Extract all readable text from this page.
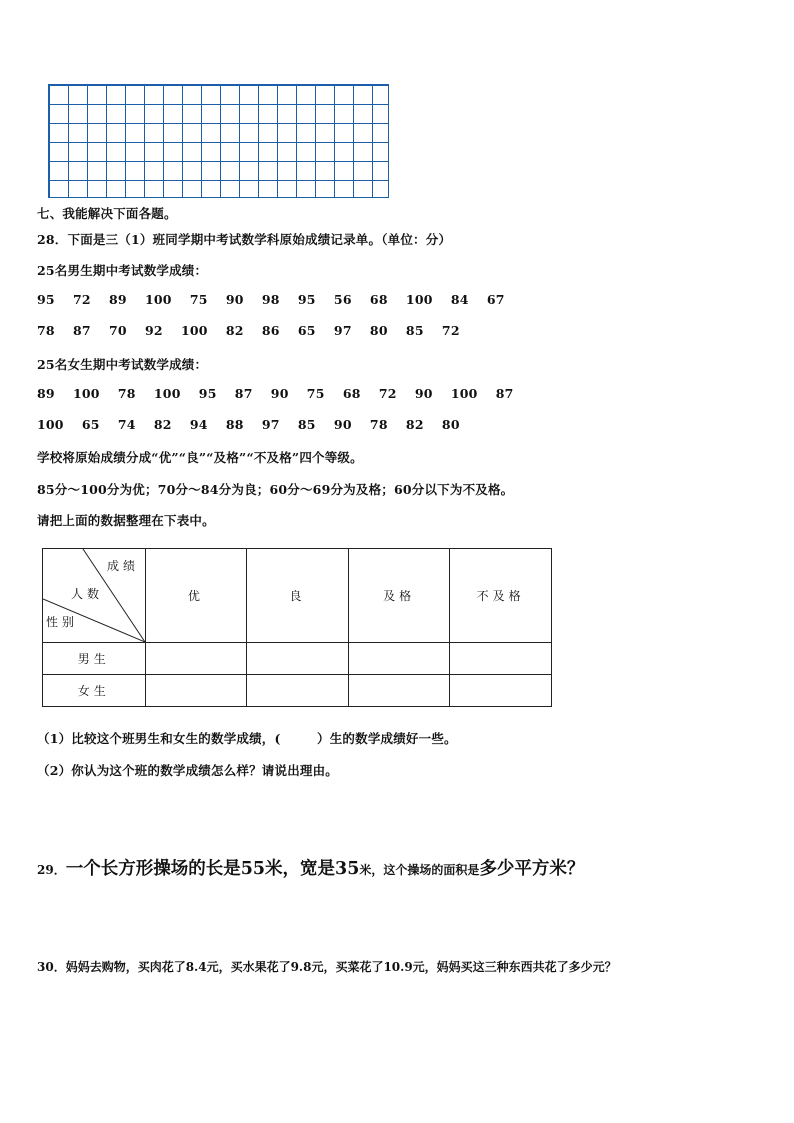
七、我能解决下面各题。
28．下面是三（1）班同学期中考试数学科原始成绩记录单。（单位：分）
25名男生期中考试数学成绩：
95    72    89    100    75    90    98    95    56    68    100    84    67
78    87    70    92    100    82    86    65    97    80    85    72
25名女生期中考试数学成绩：
89    100    78    100    95    87    90    75    68    72    90    100    87
100    65    74    82    94    88    97    85    90    78    82    80
学校将原始成绩分成“优”“良”“及格”“不及格”四个等级。
85分～100分为优；70分～84分为良；60分～69分为及格；60分以下为不及格。
请把上面的数据整理在下表中。
成绩
人数
性别	优	良	及格	不及格
男生				
女生				
（1）比较这个班男生和女生的数学成绩，(        ）生的数学成绩好一些。
（2）你认为这个班的数学成绩怎么样？请说出理由。
29．一个长方形操场的长是55米，宽是35米，这个操场的面积是多少平方米？
30．妈妈去购物，买肉花了8.4元，买水果花了9.8元，买菜花了10.9元，妈妈买这三种东西共花了多少元？
